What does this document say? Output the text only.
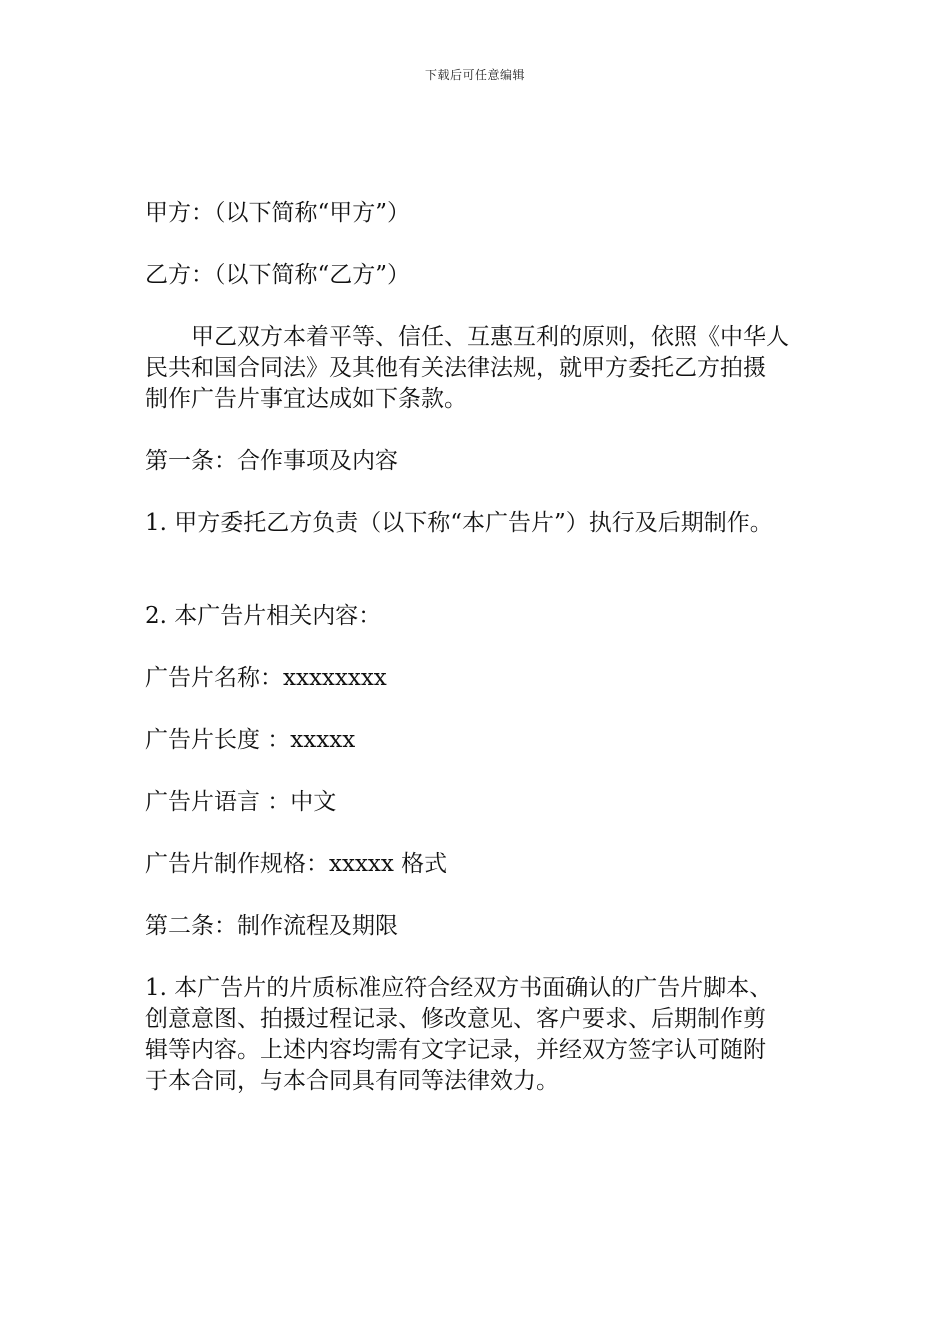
下载后可任意编辑

甲方：（以下简称“甲方”）

乙方：（以下简称“乙方”）

甲乙双方本着平等、信任、互惠互利的原则，依照《中华人
民共和国合同法》及其他有关法律法规，就甲方委托乙方拍摄
制作广告片事宜达成如下条款。

第一条：合作事项及内容

1. 甲方委托乙方负责（以下称“本广告片”）执行及后期制作。

2. 本广告片相关内容：

广告片名称：xxxxxxxx

广告片长度 ：xxxxx

广告片语言 ：中文

广告片制作规格：xxxxx 格式

第二条：制作流程及期限

1. 本广告片的片质标准应符合经双方书面确认的广告片脚本、
创意意图、拍摄过程记录、修改意见、客户要求、后期制作剪
辑等内容。上述内容均需有文字记录，并经双方签字认可随附
于本合同，与本合同具有同等法律效力。
